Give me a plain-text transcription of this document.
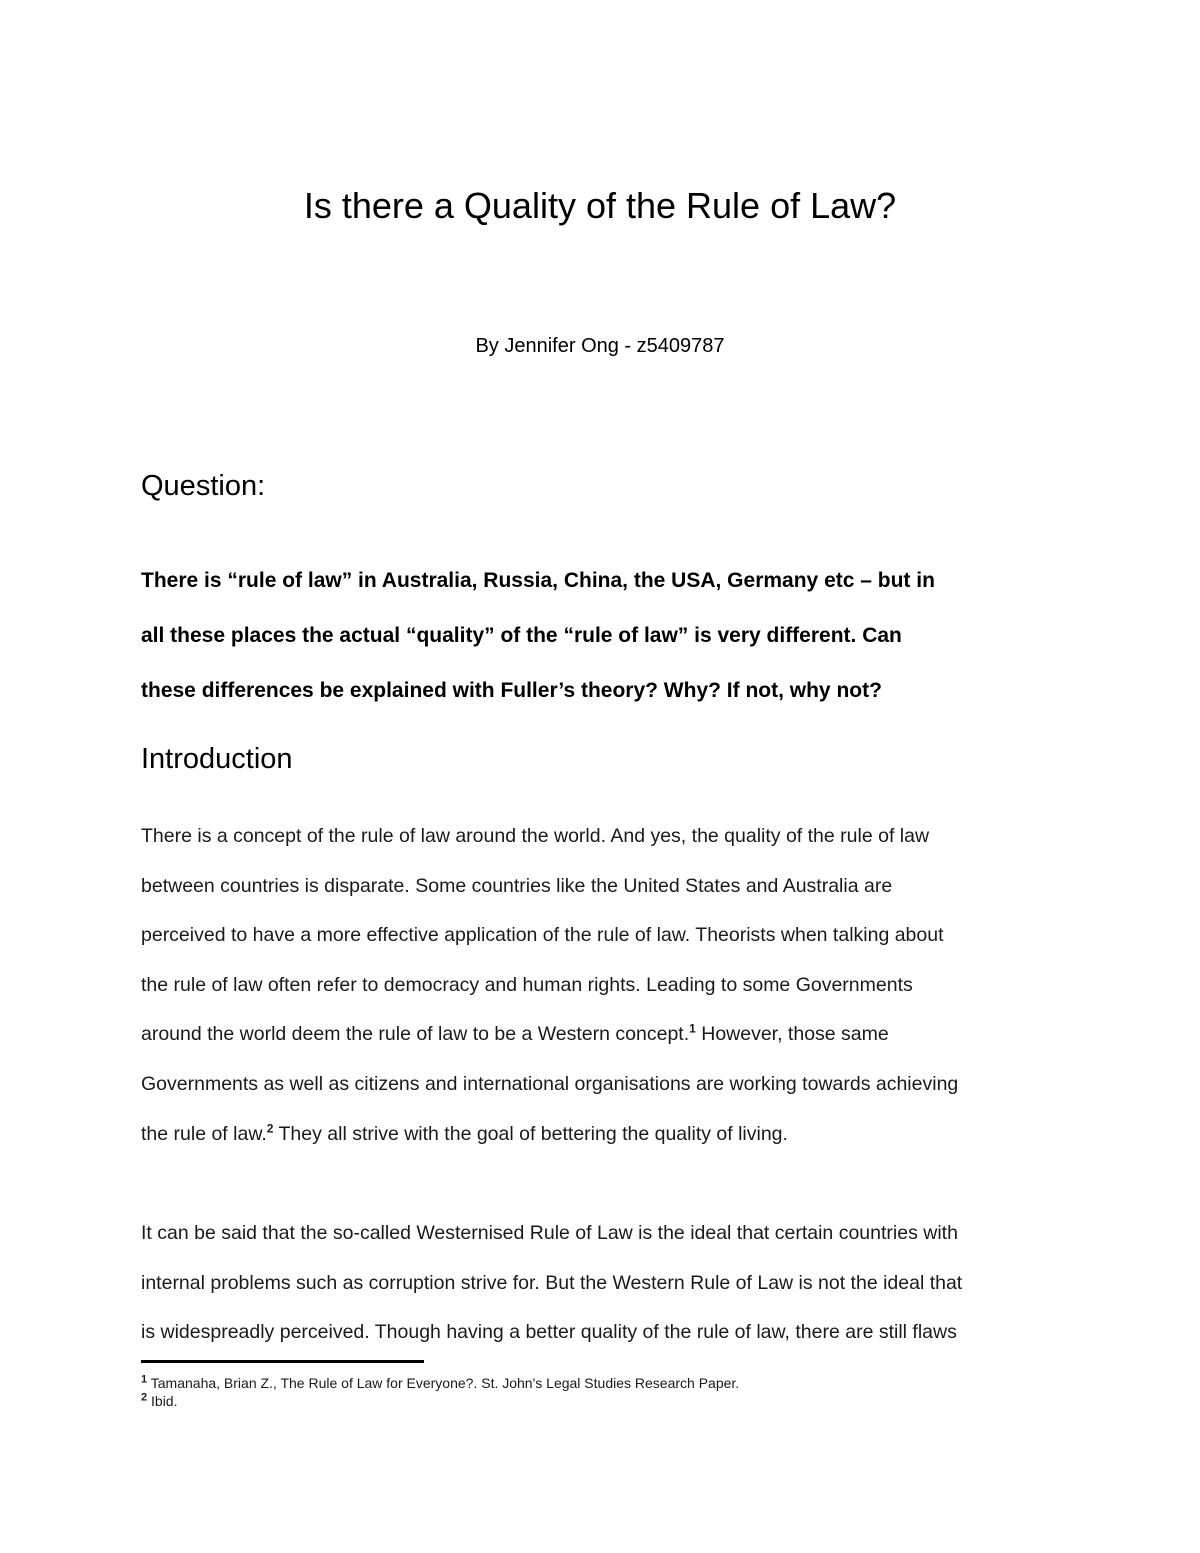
Is there a Quality of the Rule of Law?

By Jennifer Ong - z5409787

Question:

There is “rule of law” in Australia, Russia, China, the USA, Germany etc – but in
all these places the actual “quality” of the “rule of law” is very different. Can
these differences be explained with Fuller’s theory? Why? If not, why not?

Introduction

There is a concept of the rule of law around the world. And yes, the quality of the rule of law
between countries is disparate. Some countries like the United States and Australia are
perceived to have a more effective application of the rule of law. Theorists when talking about
the rule of law often refer to democracy and human rights. Leading to some Governments
around the world deem the rule of law to be a Western concept.$^1$ However, those same
Governments as well as citizens and international organisations are working towards achieving
the rule of law.$^2$ They all strive with the goal of bettering the quality of living.

It can be said that the so-called Westernised Rule of Law is the ideal that certain countries with
internal problems such as corruption strive for. But the Western Rule of Law is not the ideal that
is widespreadly perceived. Though having a better quality of the rule of law, there are still flaws

$^1$ Tamanaha, Brian Z., The Rule of Law for Everyone?. St. John's Legal Studies Research Paper.
$^2$ Ibid.
